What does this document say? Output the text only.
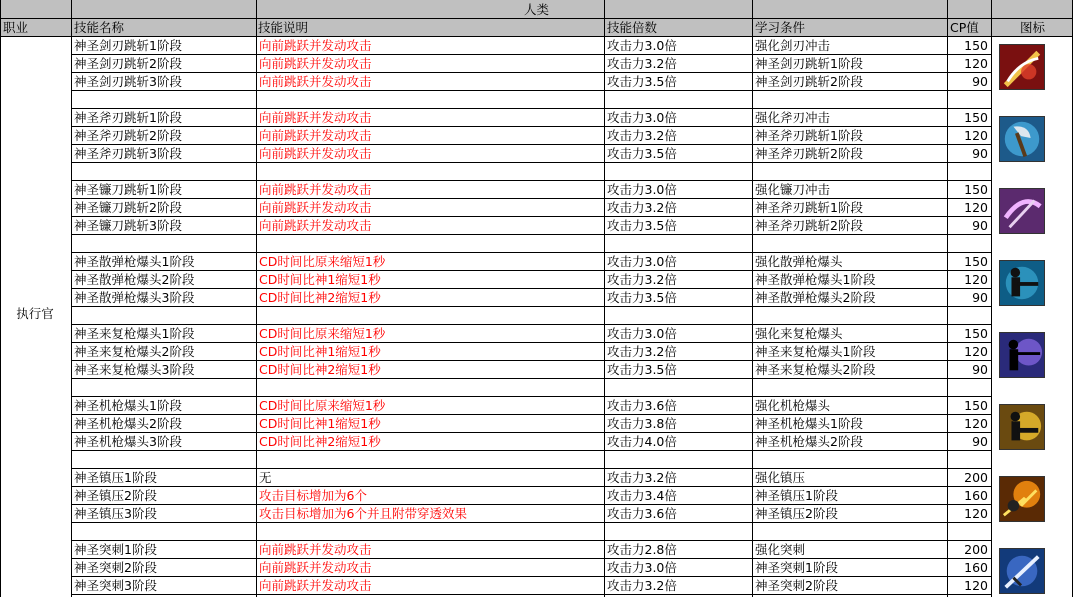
人类
职业	技能名称	技能说明	技能倍数	学习条件	CP值	图标
执行官
神圣剑刃跳斩1阶段	向前跳跃并发动攻击	攻击力3.0倍	强化剑刃冲击	150
神圣剑刃跳斩2阶段	向前跳跃并发动攻击	攻击力3.2倍	神圣剑刃跳斩1阶段	120
神圣剑刃跳斩3阶段	向前跳跃并发动攻击	攻击力3.5倍	神圣剑刃跳斩2阶段	90
神圣斧刃跳斩1阶段	向前跳跃并发动攻击	攻击力3.0倍	强化斧刃冲击	150
神圣斧刃跳斩2阶段	向前跳跃并发动攻击	攻击力3.2倍	神圣斧刃跳斩1阶段	120
神圣斧刃跳斩3阶段	向前跳跃并发动攻击	攻击力3.5倍	神圣斧刃跳斩2阶段	90
神圣镰刀跳斩1阶段	向前跳跃并发动攻击	攻击力3.0倍	强化镰刀冲击	150
神圣镰刀跳斩2阶段	向前跳跃并发动攻击	攻击力3.2倍	神圣斧刃跳斩1阶段	120
神圣镰刀跳斩3阶段	向前跳跃并发动攻击	攻击力3.5倍	神圣斧刃跳斩2阶段	90
神圣散弹枪爆头1阶段	CD时间比原来缩短1秒	攻击力3.0倍	强化散弹枪爆头	150
神圣散弹枪爆头2阶段	CD时间比神1缩短1秒	攻击力3.2倍	神圣散弹枪爆头1阶段	120
神圣散弹枪爆头3阶段	CD时间比神2缩短1秒	攻击力3.5倍	神圣散弹枪爆头2阶段	90
神圣来复枪爆头1阶段	CD时间比原来缩短1秒	攻击力3.0倍	强化来复枪爆头	150
神圣来复枪爆头2阶段	CD时间比神1缩短1秒	攻击力3.2倍	神圣来复枪爆头1阶段	120
神圣来复枪爆头3阶段	CD时间比神2缩短1秒	攻击力3.5倍	神圣来复枪爆头2阶段	90
神圣机枪爆头1阶段	CD时间比原来缩短1秒	攻击力3.6倍	强化机枪爆头	150
神圣机枪爆头2阶段	CD时间比神1缩短1秒	攻击力3.8倍	神圣机枪爆头1阶段	120
神圣机枪爆头3阶段	CD时间比神2缩短1秒	攻击力4.0倍	神圣机枪爆头2阶段	90
神圣镇压1阶段	无	攻击力3.2倍	强化镇压	200
神圣镇压2阶段	攻击目标增加为6个	攻击力3.4倍	神圣镇压1阶段	160
神圣镇压3阶段	攻击目标增加为6个并且附带穿透效果	攻击力3.6倍	神圣镇压2阶段	120
神圣突刺1阶段	向前跳跃并发动攻击	攻击力2.8倍	强化突刺	200
神圣突刺2阶段	向前跳跃并发动攻击	攻击力3.0倍	神圣突刺1阶段	160
神圣突刺3阶段	向前跳跃并发动攻击	攻击力3.2倍	神圣突刺2阶段	120
